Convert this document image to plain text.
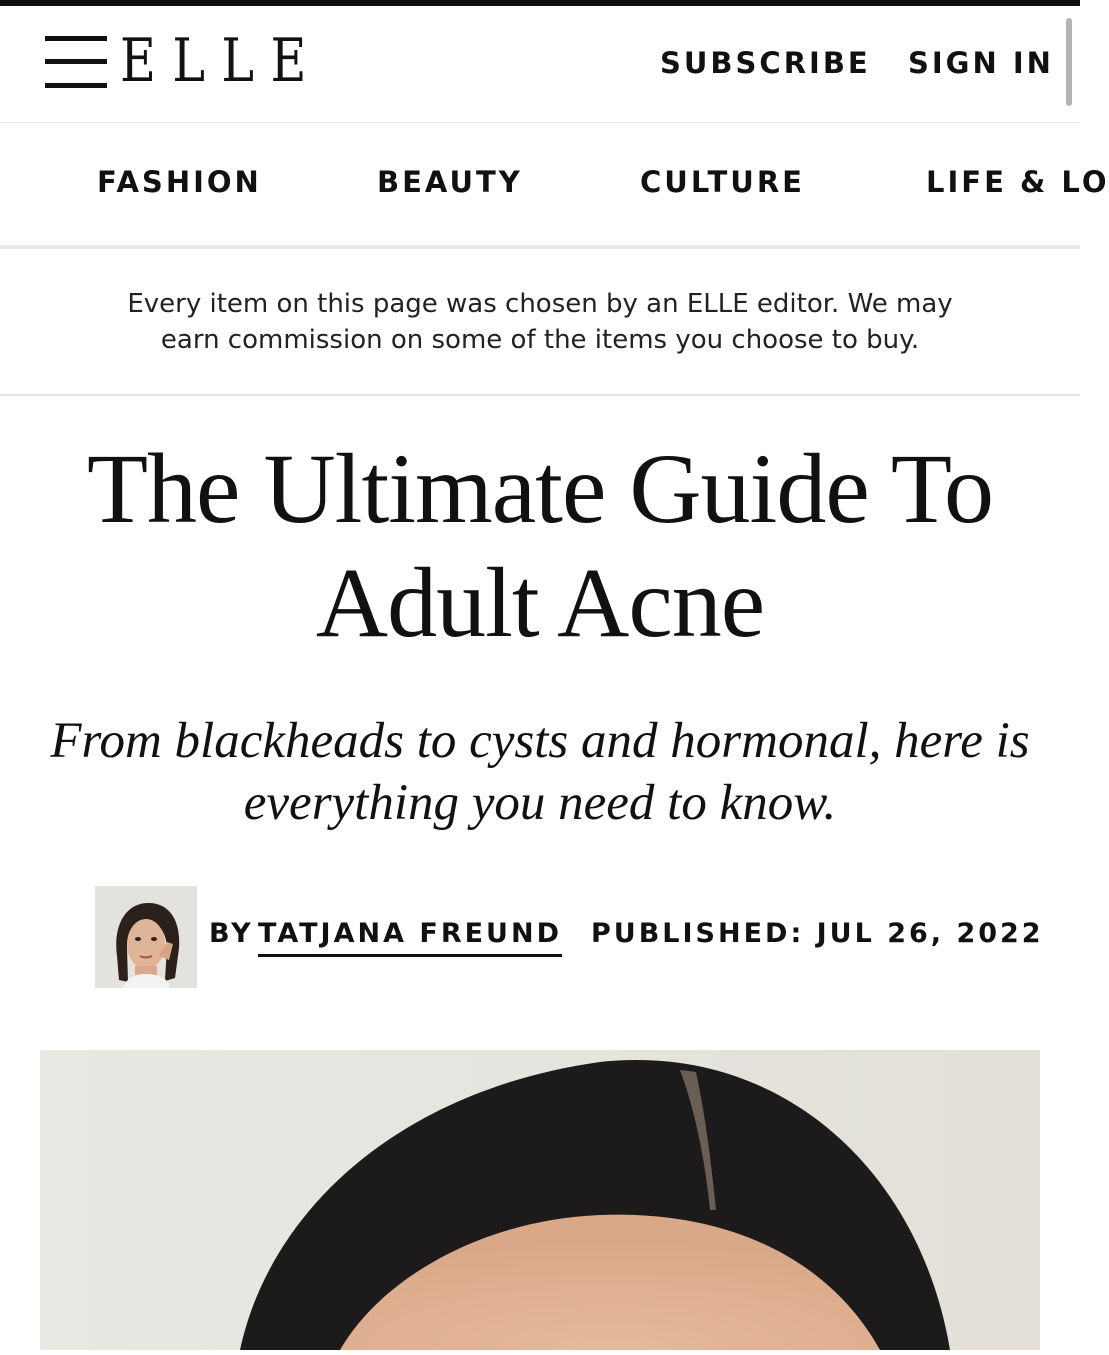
ELLE	SUBSCRIBE SIGN IN
FASHION	BEAUTY	CULTURE	LIFE & LO
Every item on this page was chosen by an ELLE editor. We may earn commission on some of the items you choose to buy.
The Ultimate Guide To Adult Acne
From blackheads to cysts and hormonal, here is everything you need to know.
BY TATJANA FREUND PUBLISHED: JUL 26, 2022
